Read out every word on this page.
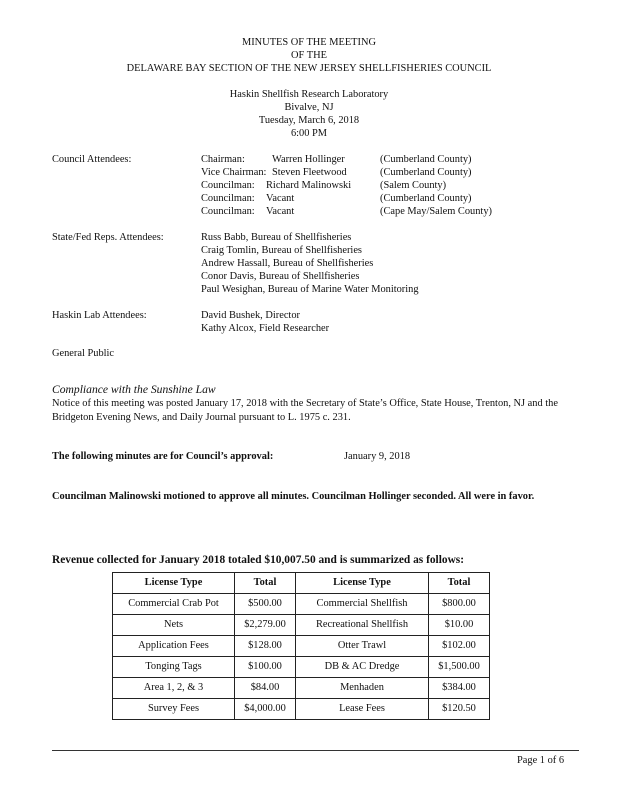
MINUTES OF THE MEETING
OF THE
DELAWARE BAY SECTION OF THE NEW JERSEY SHELLFISHERIES COUNCIL
Haskin Shellfish Research Laboratory
Bivalve, NJ
Tuesday, March 6, 2018
6:00 PM
Council Attendees:	Chairman:	Warren Hollinger	(Cumberland County)
Vice Chairman: Steven Fleetwood	(Cumberland County)
Councilman: Richard Malinowski	(Salem County)
Councilman: Vacant	(Cumberland County)
Councilman: Vacant	(Cape May/Salem County)
State/Fed Reps. Attendees:	Russ Babb, Bureau of Shellfisheries
Craig Tomlin, Bureau of Shellfisheries
Andrew Hassall, Bureau of Shellfisheries
Conor Davis, Bureau of Shellfisheries
Paul Wesighan, Bureau of Marine Water Monitoring
Haskin Lab Attendees:	David Bushek, Director
Kathy Alcox, Field Researcher
General Public
Compliance with the Sunshine Law
Notice of this meeting was posted January 17, 2018 with the Secretary of State’s Office, State House, Trenton, NJ and the Bridgeton Evening News, and Daily Journal pursuant to L. 1975 c. 231.
The following minutes are for Council’s approval:	January 9, 2018
Councilman Malinowski motioned to approve all minutes. Councilman Hollinger seconded. All were in favor.
Revenue collected for January 2018 totaled $10,007.50 and is summarized as follows:
License Type	Total	License Type	Total
Commercial Crab Pot	$500.00	Commercial Shellfish	$800.00
Nets	$2,279.00	Recreational Shellfish	$10.00
Application Fees	$128.00	Otter Trawl	$102.00
Tonging Tags	$100.00	DB & AC Dredge	$1,500.00
Area 1, 2, & 3	$84.00	Menhaden	$384.00
Survey Fees	$4,000.00	Lease Fees	$120.50
Page 1 of 6
